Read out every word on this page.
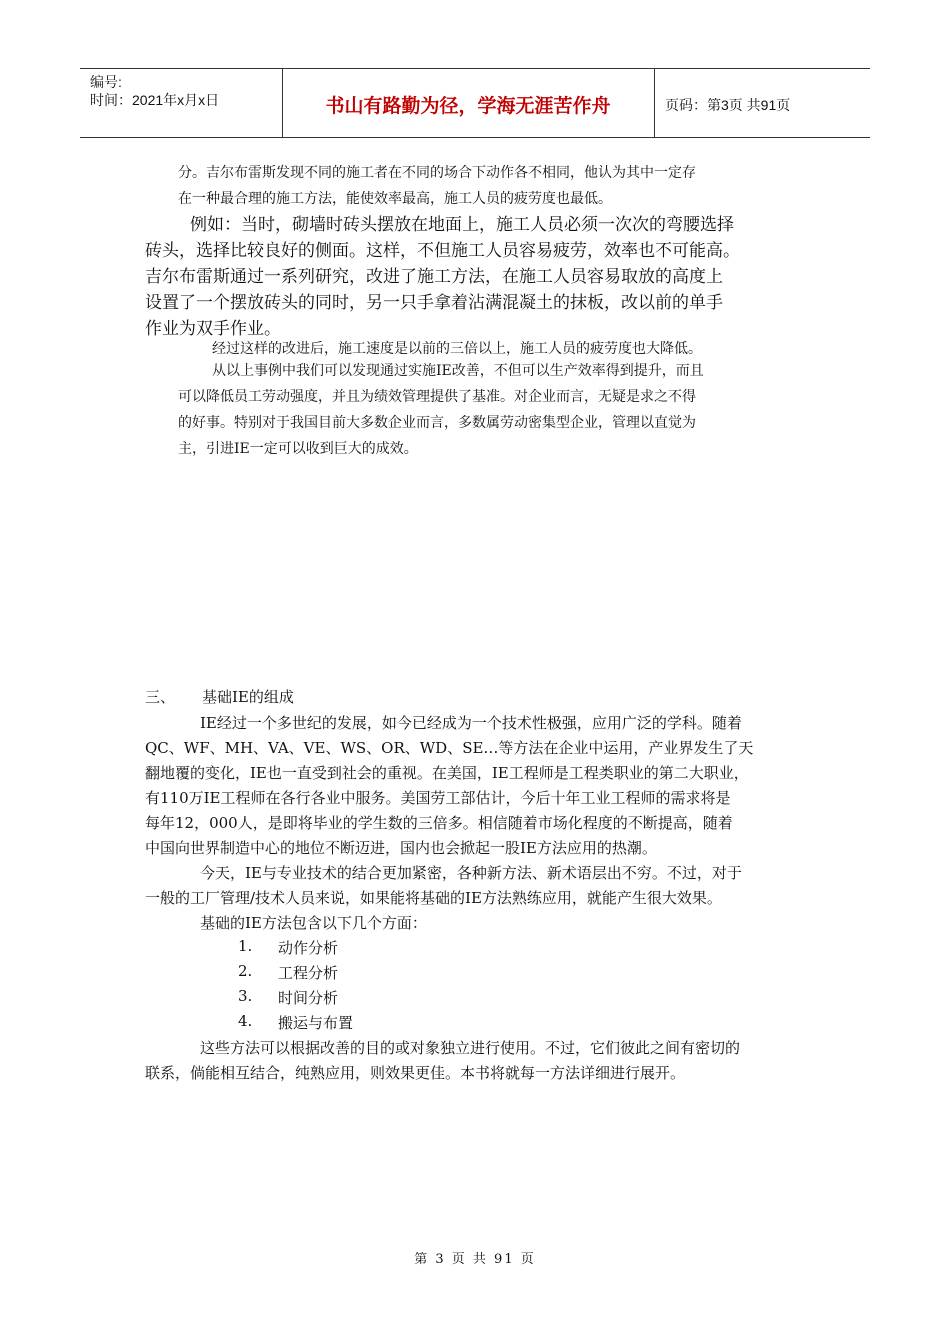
编号:
时间：2021年x月x日	书山有路勤为径，学海无涯苦作舟	页码：第3页 共91页

分。吉尔布雷斯发现不同的施工者在不同的场合下动作各不相同，他认为其中一定存

在一种最合理的施工方法，能使效率最高，施工人员的疲劳度也最低。

例如：当时，砌墙时砖头摆放在地面上，施工人员必须一次次的弯腰选择

砖头，选择比较良好的侧面。这样，不但施工人员容易疲劳，效率也不可能高。

吉尔布雷斯通过一系列研究，改进了施工方法，在施工人员容易取放的高度上

设置了一个摆放砖头的同时，另一只手拿着沾满混凝土的抹板，改以前的单手

作业为双手作业。

经过这样的改进后，施工速度是以前的三倍以上，施工人员的疲劳度也大降低。

从以上事例中我们可以发现通过实施IE改善，不但可以生产效率得到提升，而且

可以降低员工劳动强度，并且为绩效管理提供了基准。对企业而言，无疑是求之不得

的好事。特别对于我国目前大多数企业而言，多数属劳动密集型企业，管理以直觉为

主，引进IE一定可以收到巨大的成效。

三、 基础IE的组成

IE经过一个多世纪的发展，如今已经成为一个技术性极强，应用广泛的学科。随着

QC、WF、MH、VA、VE、WS、OR、WD、SE…等方法在企业中运用，产业界发生了天

翻地覆的变化，IE也一直受到社会的重视。在美国，IE工程师是工程类职业的第二大职业，

有110万IE工程师在各行各业中服务。美国劳工部估计，今后十年工业工程师的需求将是

每年12，000人，是即将毕业的学生数的三倍多。相信随着市场化程度的不断提高，随着

中国向世界制造中心的地位不断迈进，国内也会掀起一股IE方法应用的热潮。

今天，IE与专业技术的结合更加紧密，各种新方法、新术语层出不穷。不过，对于

一般的工厂管理/技术人员来说，如果能将基础的IE方法熟练应用，就能产生很大效果。

基础的IE方法包含以下几个方面：

1. 动作分析

2. 工程分析

3. 时间分析

4. 搬运与布置

这些方法可以根据改善的目的或对象独立进行使用。不过，它们彼此之间有密切的

联系，倘能相互结合，纯熟应用，则效果更佳。本书将就每一方法详细进行展开。

第 3 页 共 91 页
